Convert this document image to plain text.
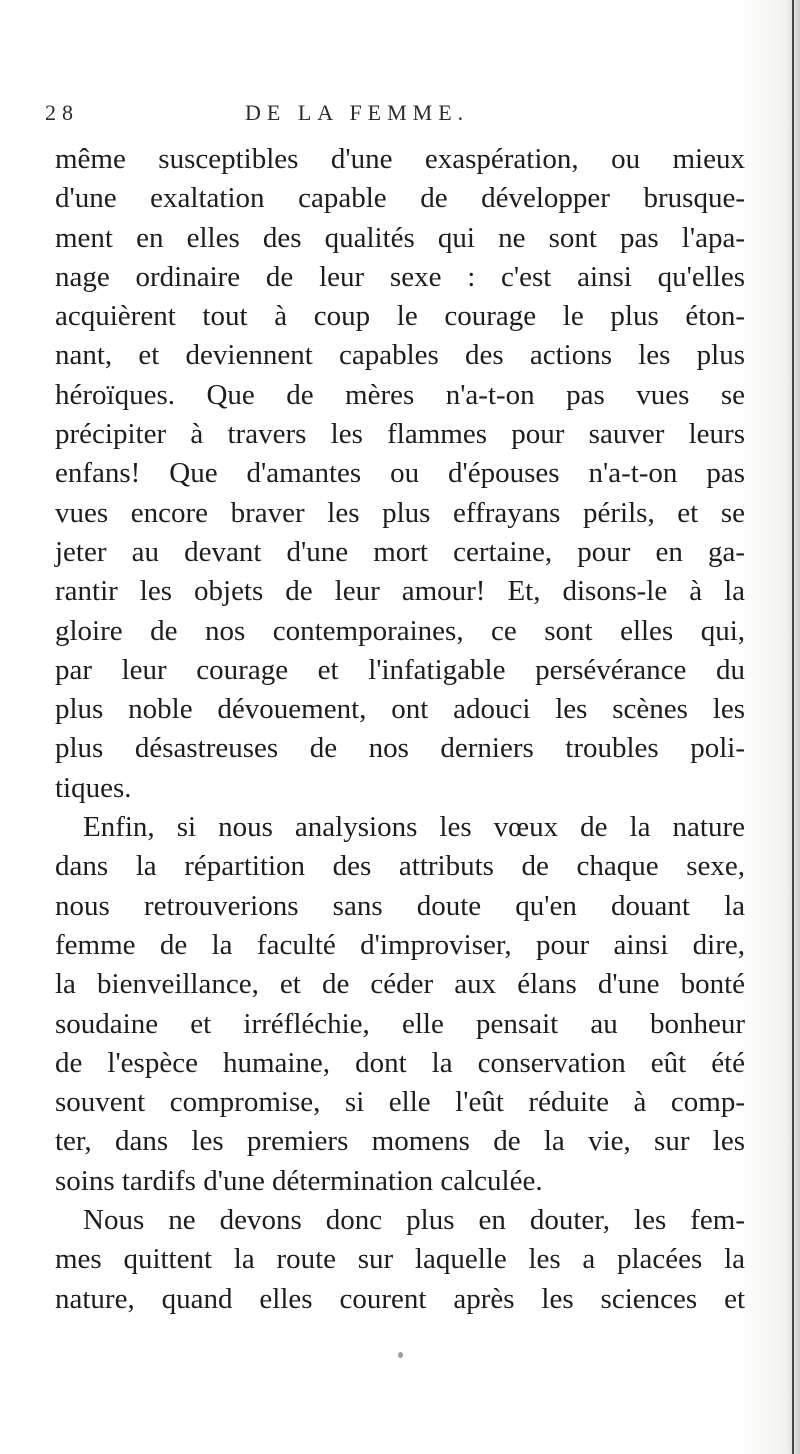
28	DE LA FEMME.
même susceptibles d'une exaspération, ou mieux
d'une exaltation capable de développer brusque-
ment en elles des qualités qui ne sont pas l'apa-
nage ordinaire de leur sexe : c'est ainsi qu'elles
acquièrent tout à coup le courage le plus éton-
nant, et deviennent capables des actions les plus
héroïques. Que de mères n'a-t-on pas vues se
précipiter à travers les flammes pour sauver leurs
enfans! Que d'amantes ou d'épouses n'a-t-on pas
vues encore braver les plus effrayans périls, et se
jeter au devant d'une mort certaine, pour en ga-
rantir les objets de leur amour! Et, disons-le à la
gloire de nos contemporaines, ce sont elles qui,
par leur courage et l'infatigable persévérance du
plus noble dévouement, ont adouci les scènes les
plus désastreuses de nos derniers troubles poli-
tiques.
Enfin, si nous analysions les vœux de la nature
dans la répartition des attributs de chaque sexe,
nous retrouverions sans doute qu'en douant la
femme de la faculté d'improviser, pour ainsi dire,
la bienveillance, et de céder aux élans d'une bonté
soudaine et irréfléchie, elle pensait au bonheur
de l'espèce humaine, dont la conservation eût été
souvent compromise, si elle l'eût réduite à comp-
ter, dans les premiers momens de la vie, sur les
soins tardifs d'une détermination calculée.
Nous ne devons donc plus en douter, les fem-
mes quittent la route sur laquelle les a placées la
nature, quand elles courent après les sciences et
